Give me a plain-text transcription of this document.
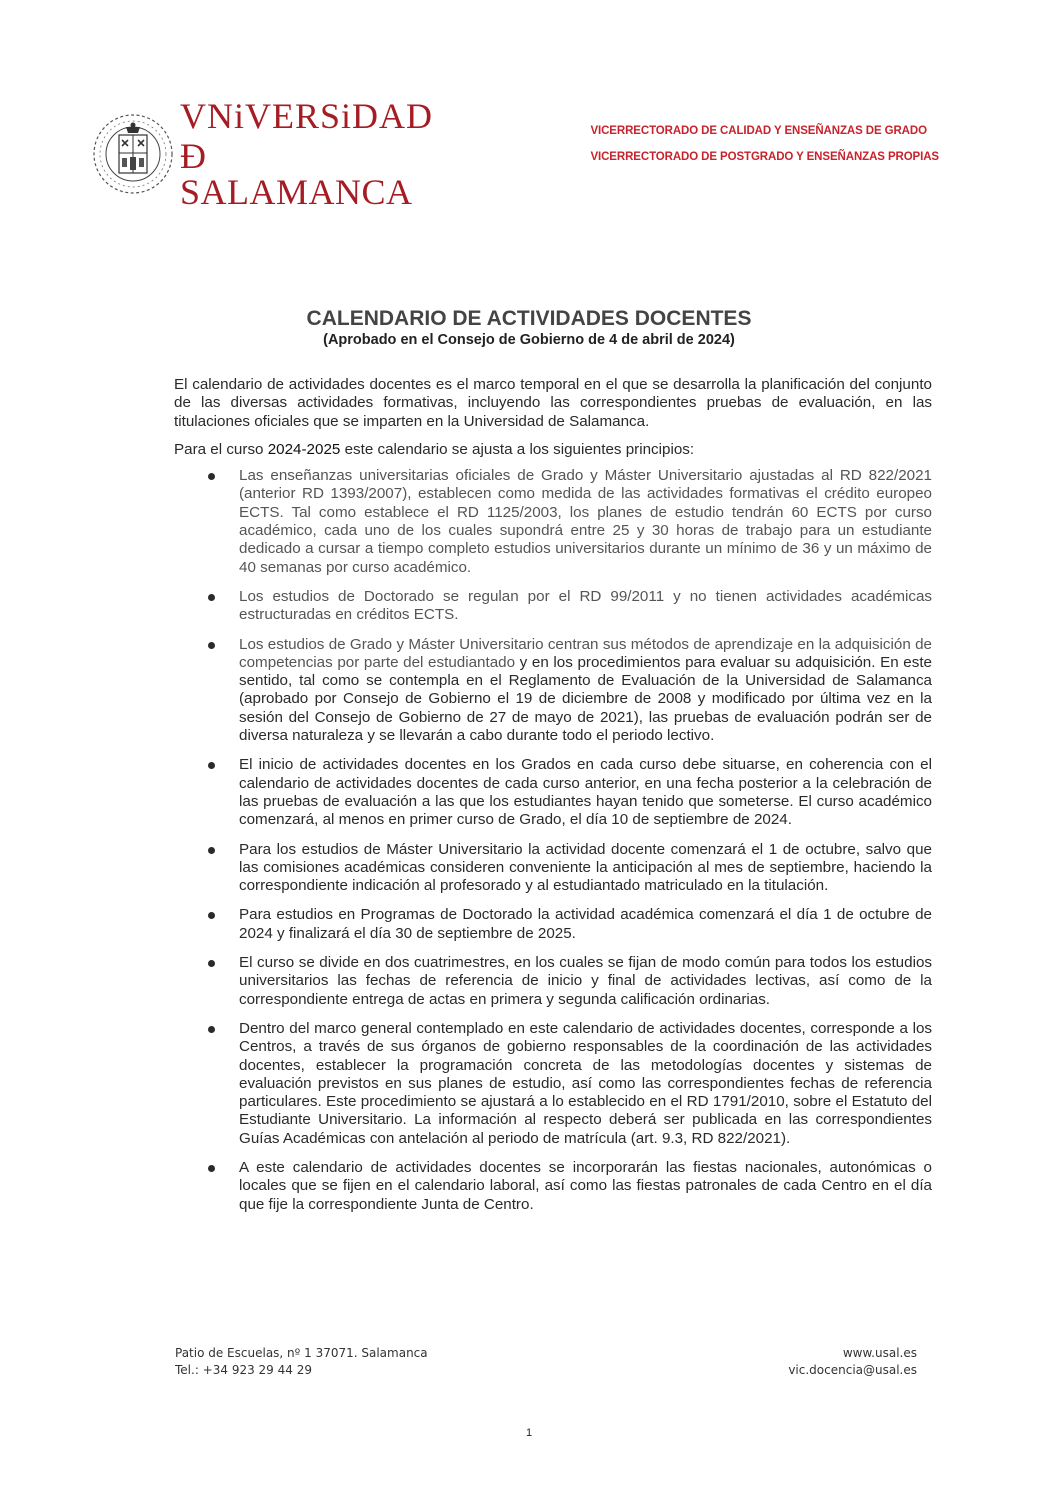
VNiVERSiDAD
Ð SALAMANCA
VICERRECTORADO DE CALIDAD Y ENSEÑANZAS DE GRADO
VICERRECTORADO DE POSTGRADO Y ENSEÑANZAS PROPIAS
CALENDARIO DE ACTIVIDADES DOCENTES
(Aprobado en el Consejo de Gobierno de 4 de abril de 2024)

El calendario de actividades docentes es el marco temporal en el que se desarrolla la planificación del conjunto de las diversas actividades formativas, incluyendo las correspondientes pruebas de evaluación, en las titulaciones oficiales que se imparten en la Universidad de Salamanca.

Para el curso 2024-2025 este calendario se ajusta a los siguientes principios:

Las enseñanzas universitarias oficiales de Grado y Máster Universitario ajustadas al RD 822/2021 (anterior RD 1393/2007), establecen como medida de las actividades formativas el crédito europeo ECTS. Tal como establece el RD 1125/2003, los planes de estudio tendrán 60 ECTS por curso académico, cada uno de los cuales supondrá entre 25 y 30 horas de trabajo para un estudiante dedicado a cursar a tiempo completo estudios universitarios durante un mínimo de 36 y un máximo de 40 semanas por curso académico.
Los estudios de Doctorado se regulan por el RD 99/2011 y no tienen actividades académicas estructuradas en créditos ECTS.
Los estudios de Grado y Máster Universitario centran sus métodos de aprendizaje en la adquisición de competencias por parte del estudiantado y en los procedimientos para evaluar su adquisición. En este sentido, tal como se contempla en el Reglamento de Evaluación de la Universidad de Salamanca (aprobado por Consejo de Gobierno el 19 de diciembre de 2008 y modificado por última vez en la sesión del Consejo de Gobierno de 27 de mayo de 2021), las pruebas de evaluación podrán ser de diversa naturaleza y se llevarán a cabo durante todo el periodo lectivo.
El inicio de actividades docentes en los Grados en cada curso debe situarse, en coherencia con el calendario de actividades docentes de cada curso anterior, en una fecha posterior a la celebración de las pruebas de evaluación a las que los estudiantes hayan tenido que someterse. El curso académico comenzará, al menos en primer curso de Grado, el día 10 de septiembre de 2024.
Para los estudios de Máster Universitario la actividad docente comenzará el 1 de octubre, salvo que las comisiones académicas consideren conveniente la anticipación al mes de septiembre, haciendo la correspondiente indicación al profesorado y al estudiantado matriculado en la titulación.
Para estudios en Programas de Doctorado la actividad académica comenzará el día 1 de octubre de 2024 y finalizará el día 30 de septiembre de 2025.
El curso se divide en dos cuatrimestres, en los cuales se fijan de modo común para todos los estudios universitarios las fechas de referencia de inicio y final de actividades lectivas, así como de la correspondiente entrega de actas en primera y segunda calificación ordinarias.
Dentro del marco general contemplado en este calendario de actividades docentes, corresponde a los Centros, a través de sus órganos de gobierno responsables de la coordinación de las actividades docentes, establecer la programación concreta de las metodologías docentes y sistemas de evaluación previstos en sus planes de estudio, así como las correspondientes fechas de referencia particulares. Este procedimiento se ajustará a lo establecido en el RD 1791/2010, sobre el Estatuto del Estudiante Universitario. La información al respecto deberá ser publicada en las correspondientes Guías Académicas con antelación al periodo de matrícula (art. 9.3, RD 822/2021).
A este calendario de actividades docentes se incorporarán las fiestas nacionales, autonómicas o locales que se fijen en el calendario laboral, así como las fiestas patronales de cada Centro en el día que fije la correspondiente Junta de Centro.
Patio de Escuelas, nº 1 37071. Salamanca
Tel.: +34 923 29 44 29
www.usal.es
vic.docencia@usal.es
1
